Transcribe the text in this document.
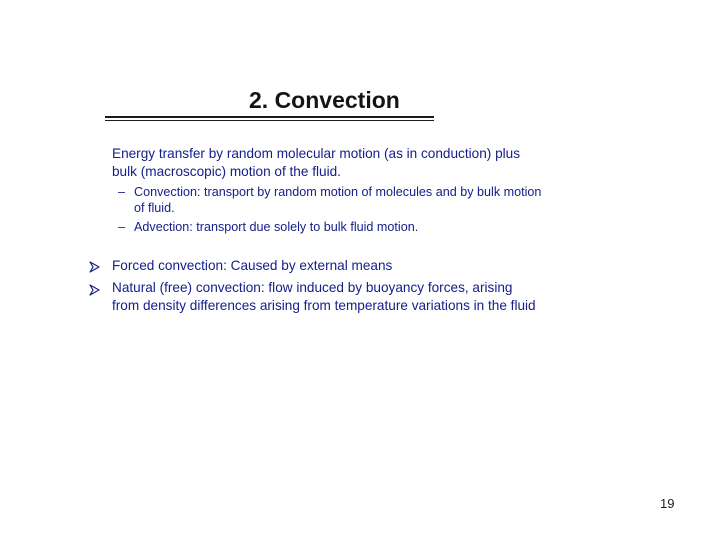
2. Convection
Energy transfer by random molecular motion (as in conduction) plus
bulk (macroscopic) motion of the fluid.
– Convection: transport by random motion of molecules and by bulk motion
of fluid.
– Advection: transport due solely to bulk fluid motion.
Forced convection: Caused by external means
Natural (free) convection: flow induced by buoyancy forces, arising
from density differences arising from temperature variations in the fluid
19
